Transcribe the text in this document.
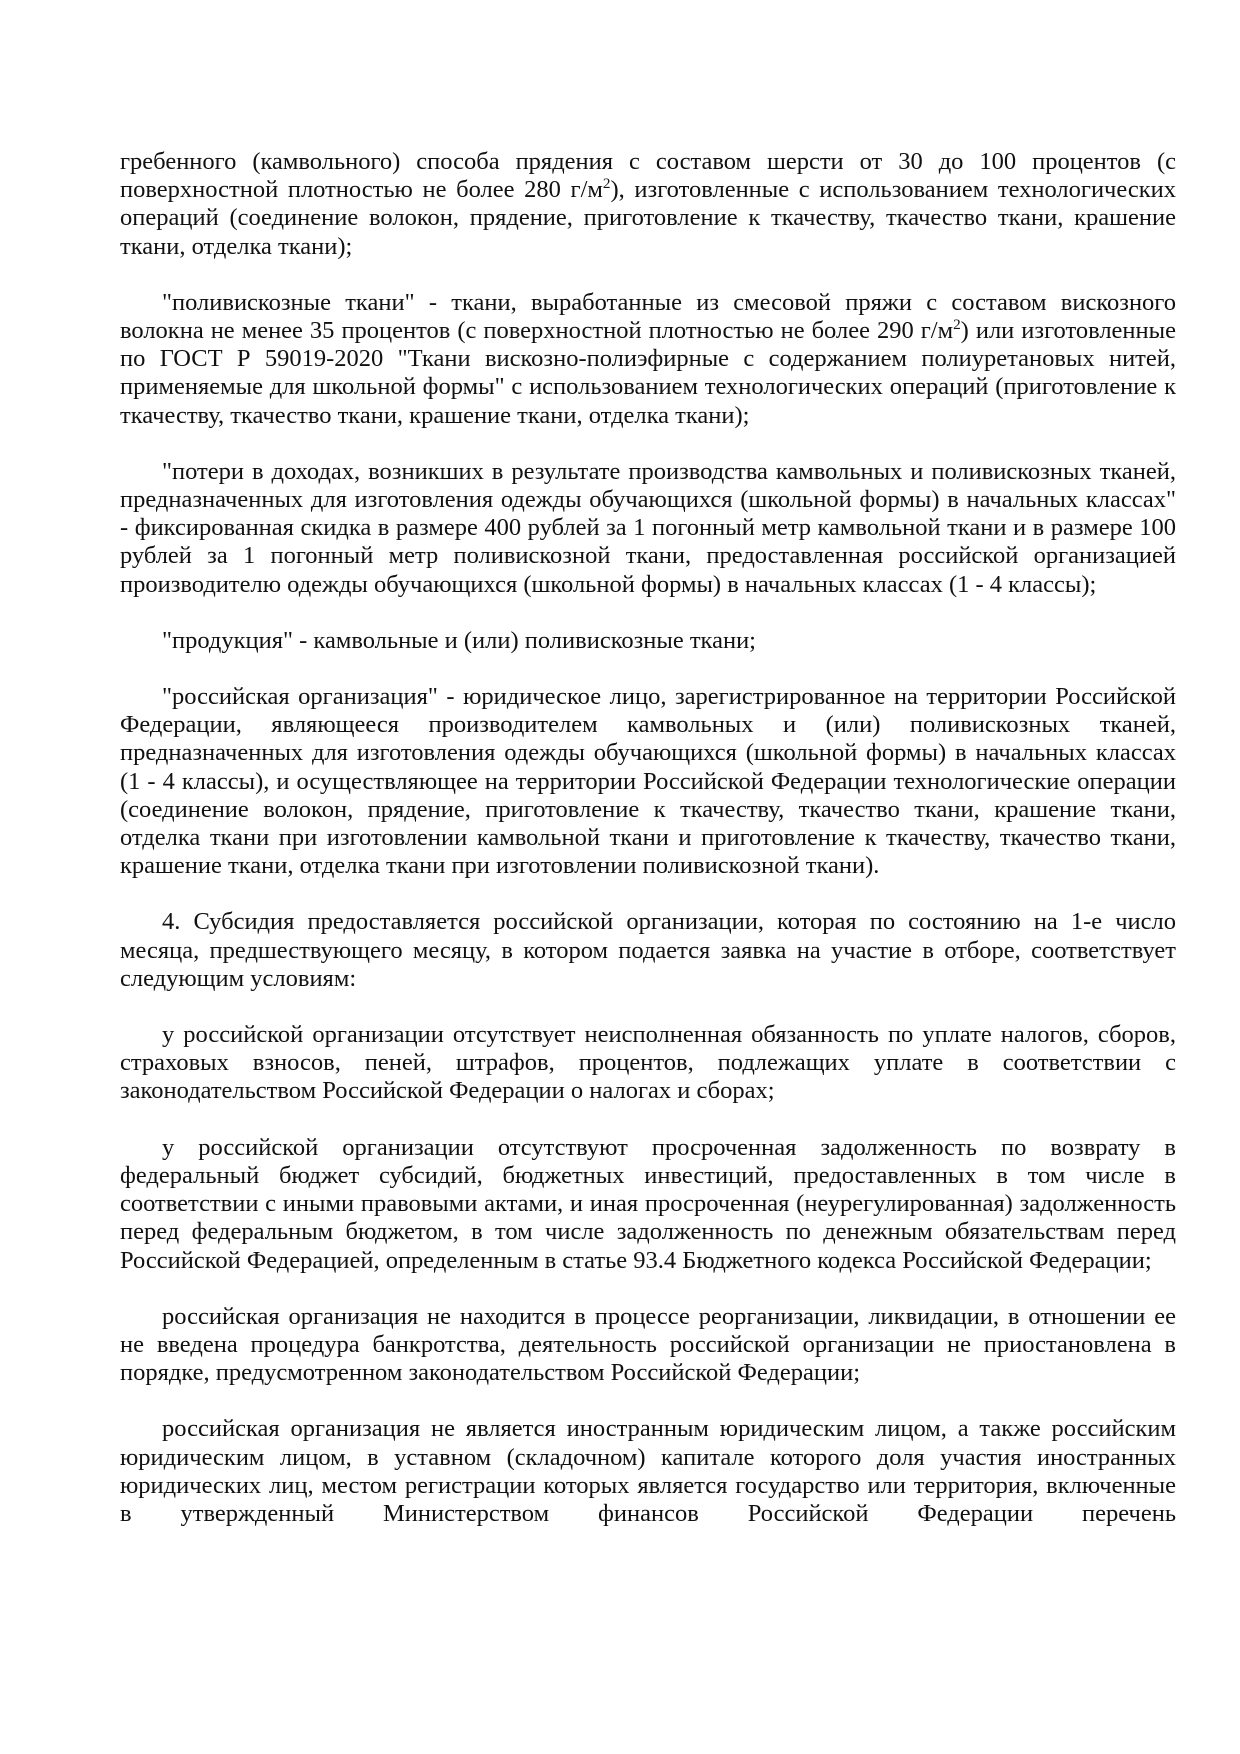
гребенного (камвольного) способа прядения с составом шерсти от 30 до 100 процентов (с поверхностной плотностью не более 280 $г/м^2$), изготовленные с использованием технологических операций (соединение волокон, прядение, приготовление к ткачеству, ткачество ткани, крашение ткани, отделка ткани);

"поливискозные ткани" - ткани, выработанные из смесовой пряжи с составом вискозного волокна не менее 35 процентов (с поверхностной плотностью не более 290 $г/м^2$) или изготовленные по ГОСТ Р 59019-2020 "Ткани вискозно-полиэфирные с содержанием полиуретановых нитей, применяемые для школьной формы" с использованием технологических операций (приготовление к ткачеству, ткачество ткани, крашение ткани, отделка ткани);

"потери в доходах, возникших в результате производства камвольных и поливискозных тканей, предназначенных для изготовления одежды обучающихся (школьной формы) в начальных классах" - фиксированная скидка в размере 400 рублей за 1 погонный метр камвольной ткани и в размере 100 рублей за 1 погонный метр поливискозной ткани, предоставленная российской организацией производителю одежды обучающихся (школьной формы) в начальных классах (1 - 4 классы);

"продукция" - камвольные и (или) поливискозные ткани;

"российская организация" - юридическое лицо, зарегистрированное на территории Российской Федерации, являющееся производителем камвольных и (или) поливискозных тканей, предназначенных для изготовления одежды обучающихся (школьной формы) в начальных классах (1 - 4 классы), и осуществляющее на территории Российской Федерации технологические операции (соединение волокон, прядение, приготовление к ткачеству, ткачество ткани, крашение ткани, отделка ткани при изготовлении камвольной ткани и приготовление к ткачеству, ткачество ткани, крашение ткани, отделка ткани при изготовлении поливискозной ткани).

4. Субсидия предоставляется российской организации, которая по состоянию на 1-е число месяца, предшествующего месяцу, в котором подается заявка на участие в отборе, соответствует следующим условиям:

у российской организации отсутствует неисполненная обязанность по уплате налогов, сборов, страховых взносов, пеней, штрафов, процентов, подлежащих уплате в соответствии с законодательством Российской Федерации о налогах и сборах;

у российской организации отсутствуют просроченная задолженность по возврату в федеральный бюджет субсидий, бюджетных инвестиций, предоставленных в том числе в соответствии с иными правовыми актами, и иная просроченная (неурегулированная) задолженность перед федеральным бюджетом, в том числе задолженность по денежным обязательствам перед Российской Федерацией, определенным в статье 93.4 Бюджетного кодекса Российской Федерации;

российская организация не находится в процессе реорганизации, ликвидации, в отношении ее не введена процедура банкротства, деятельность российской организации не приостановлена в порядке, предусмотренном законодательством Российской Федерации;

российская организация не является иностранным юридическим лицом, а также российским юридическим лицом, в уставном (складочном) капитале которого доля участия иностранных юридических лиц, местом регистрации которых является государство или территория, включенные в утвержденный Министерством финансов Российской Федерации перечень
